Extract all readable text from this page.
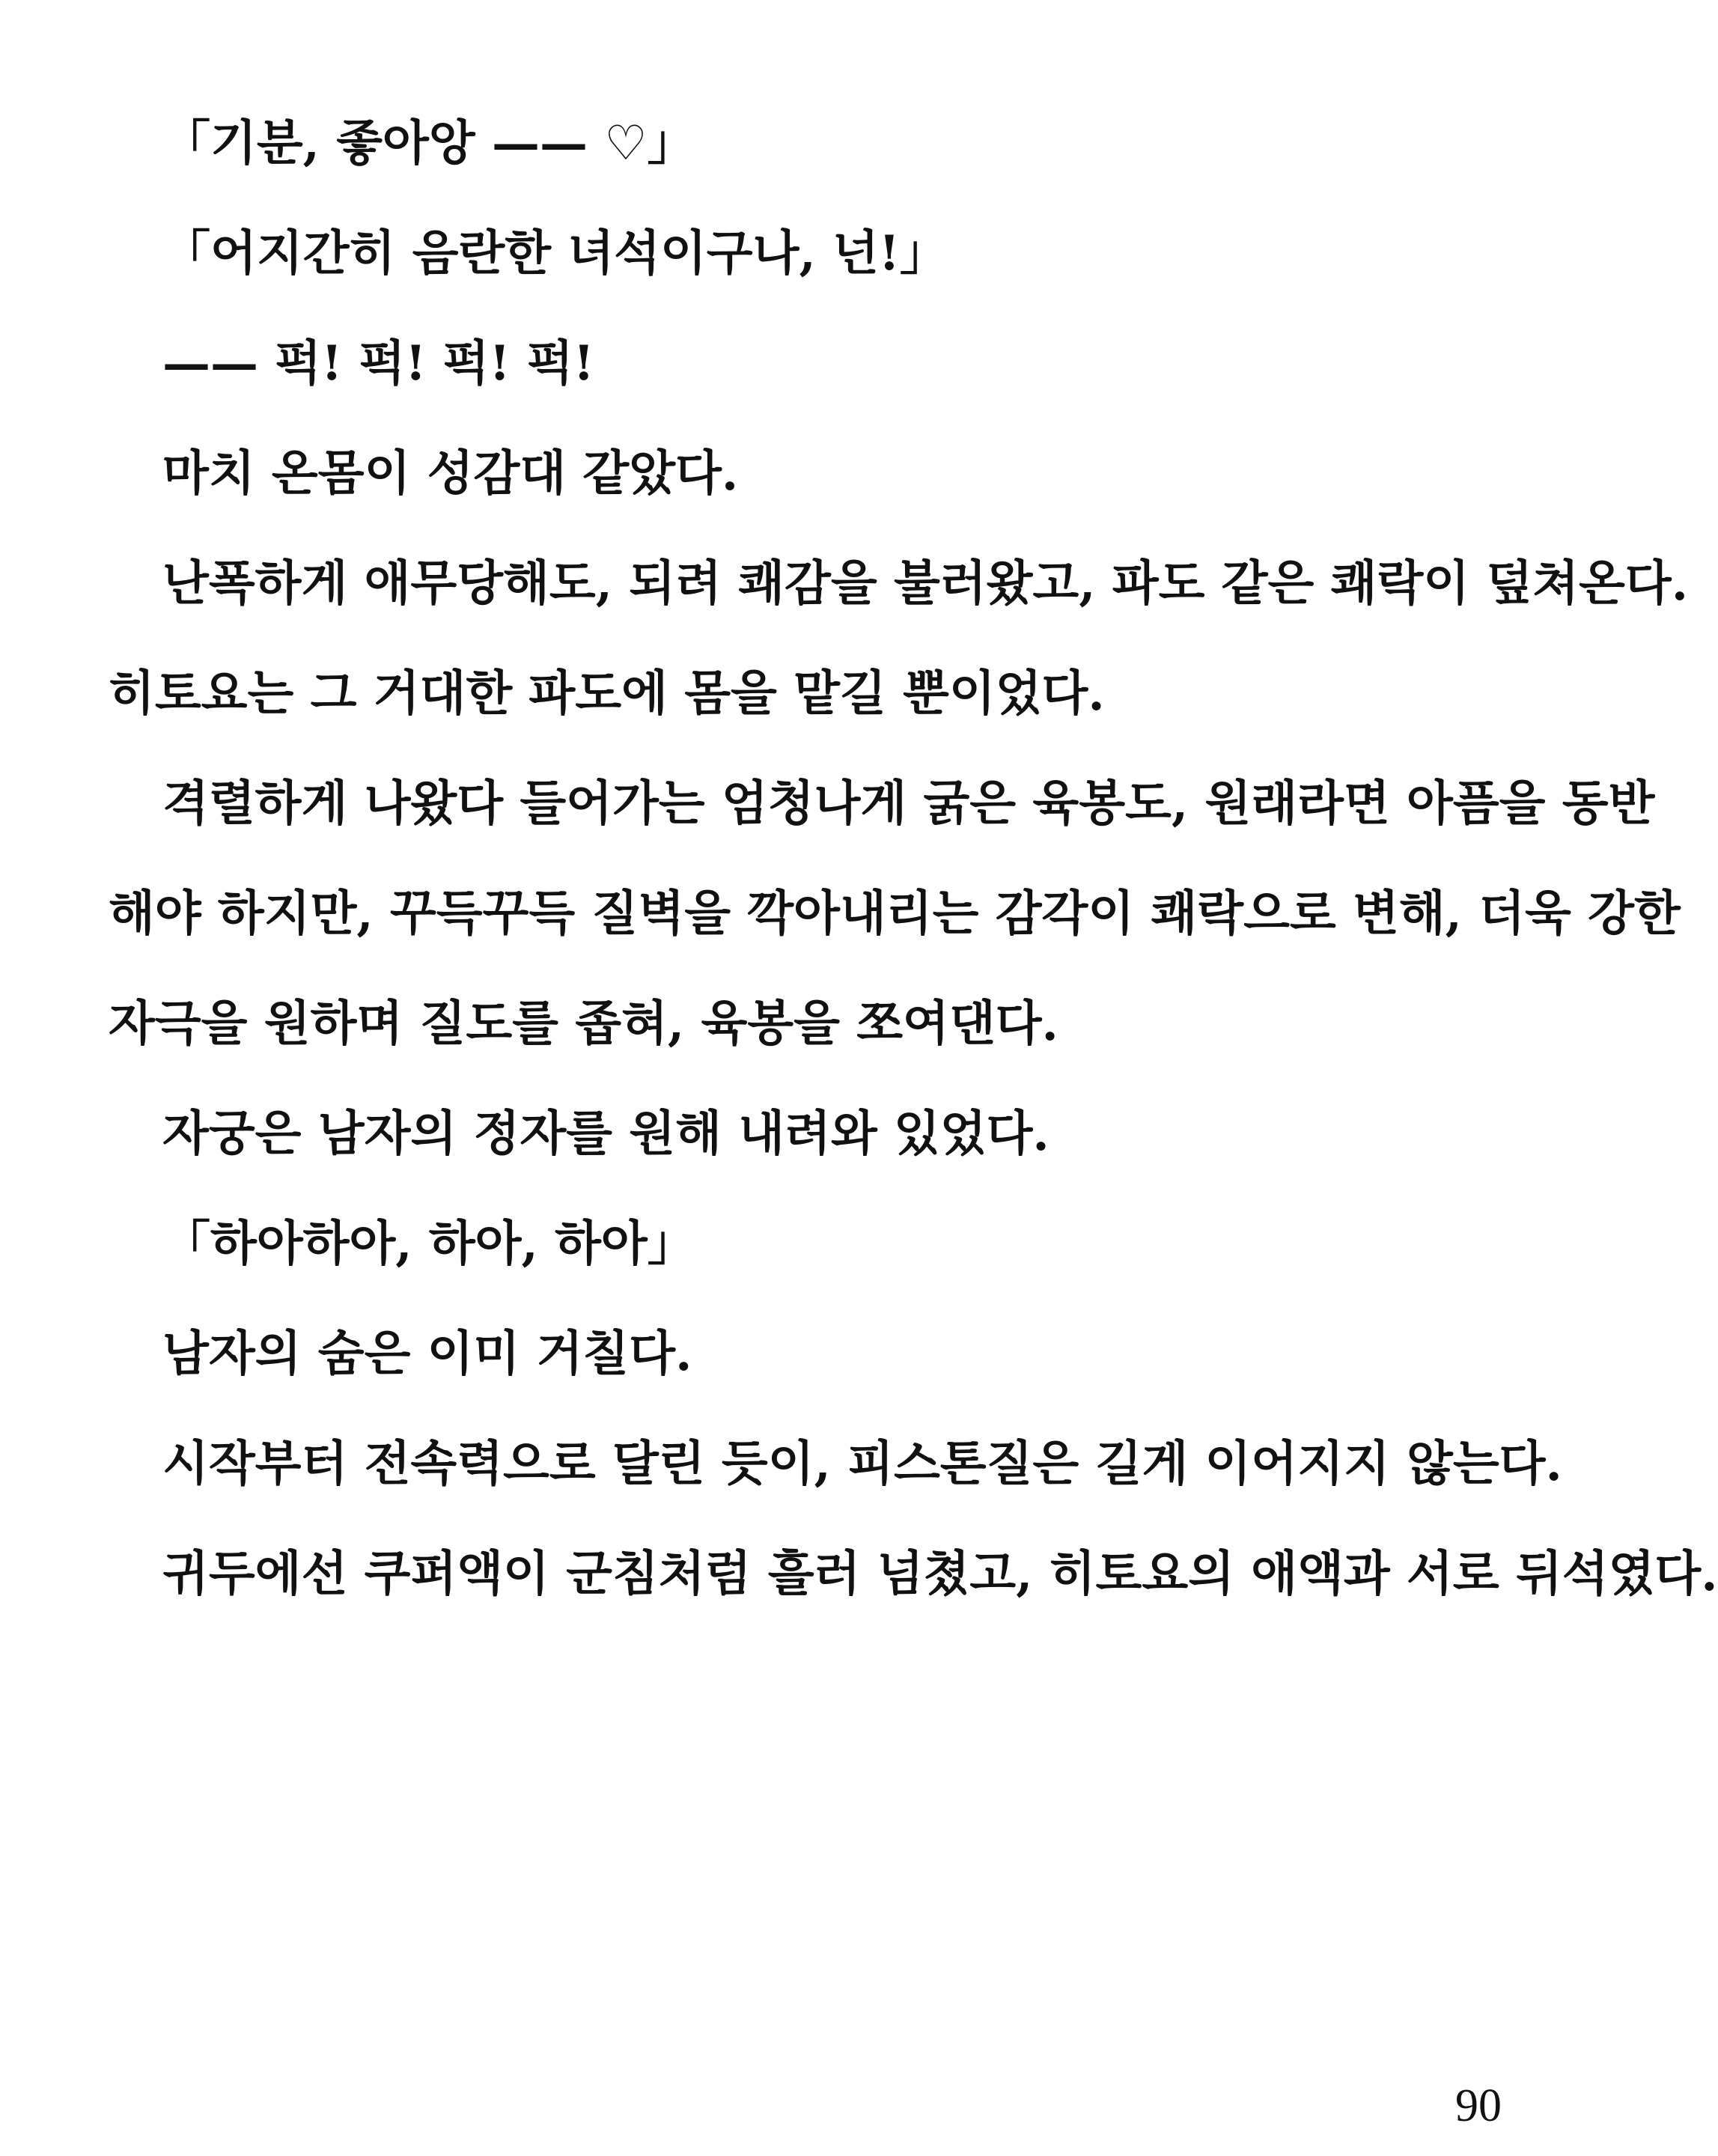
「기분, 좋아앙 —— ♡」
「어지간히 음란한 녀석이구나, 넌!」
—— 퍽! 퍽! 퍽! 퍽!
마치 온몸이 성감대 같았다.
난폭하게 애무당해도, 되려 쾌감을 불러왔고, 파도 같은 쾌락이 덮쳐온다.
히토요는 그 거대한 파도에 몸을 맡길 뿐이었다.
격렬하게 나왔다 들어가는 엄청나게 굵은 육봉도, 원래라면 아픔을 동반
해야 하지만, 꾸득꾸득 질벽을 깍아내리는 감각이 쾌락으로 변해, 더욱 강한
자극을 원하며 질도를 좁혀, 육봉을 쪼여댄다.
자궁은 남자의 정자를 원해 내려와 있었다.
「하아하아, 하아, 하아」
남자의 숨은 이미 거칠다.
시작부터 전속력으로 달린 듯이, 피스톤질은 길게 이어지지 않는다.
귀두에선 쿠퍼액이 군침처럼 흘러 넘쳤고, 히토요의 애액과 서로 뒤석였다.
90
